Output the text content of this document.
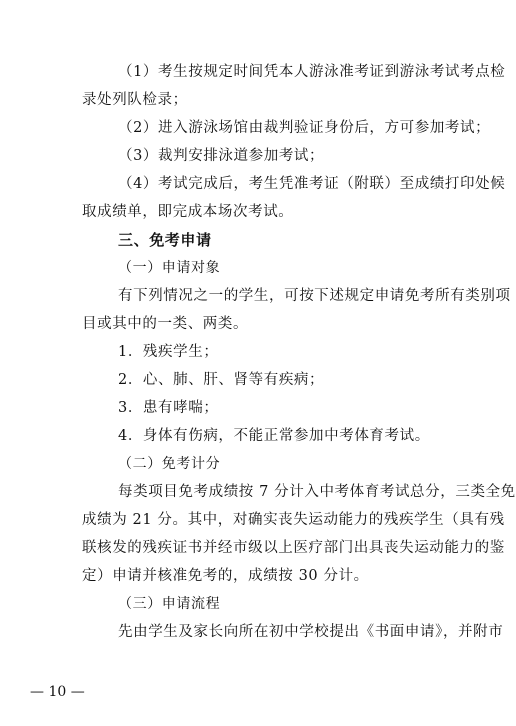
（1）考生按规定时间凭本人游泳准考证到游泳考试考点检
录处列队检录；
（2）进入游泳场馆由裁判验证身份后，方可参加考试；
（3）裁判安排泳道参加考试；
（4）考试完成后，考生凭准考证（附联）至成绩打印处候
取成绩单，即完成本场次考试。
三、免考申请
（一）申请对象
有下列情况之一的学生，可按下述规定申请免考所有类别项
目或其中的一类、两类。
1．残疾学生；
2．心、肺、肝、肾等有疾病；
3．患有哮喘；
4．身体有伤病，不能正常参加中考体育考试。
（二）免考计分
每类项目免考成绩按 7 分计入中考体育考试总分，三类全免
成绩为 21 分。其中，对确实丧失运动能力的残疾学生（具有残
联核发的残疾证书并经市级以上医疗部门出具丧失运动能力的鉴
定）申请并核准免考的，成绩按 30 分计。
（三）申请流程
先由学生及家长向所在初中学校提出《书面申请》，并附市
— 10 —
